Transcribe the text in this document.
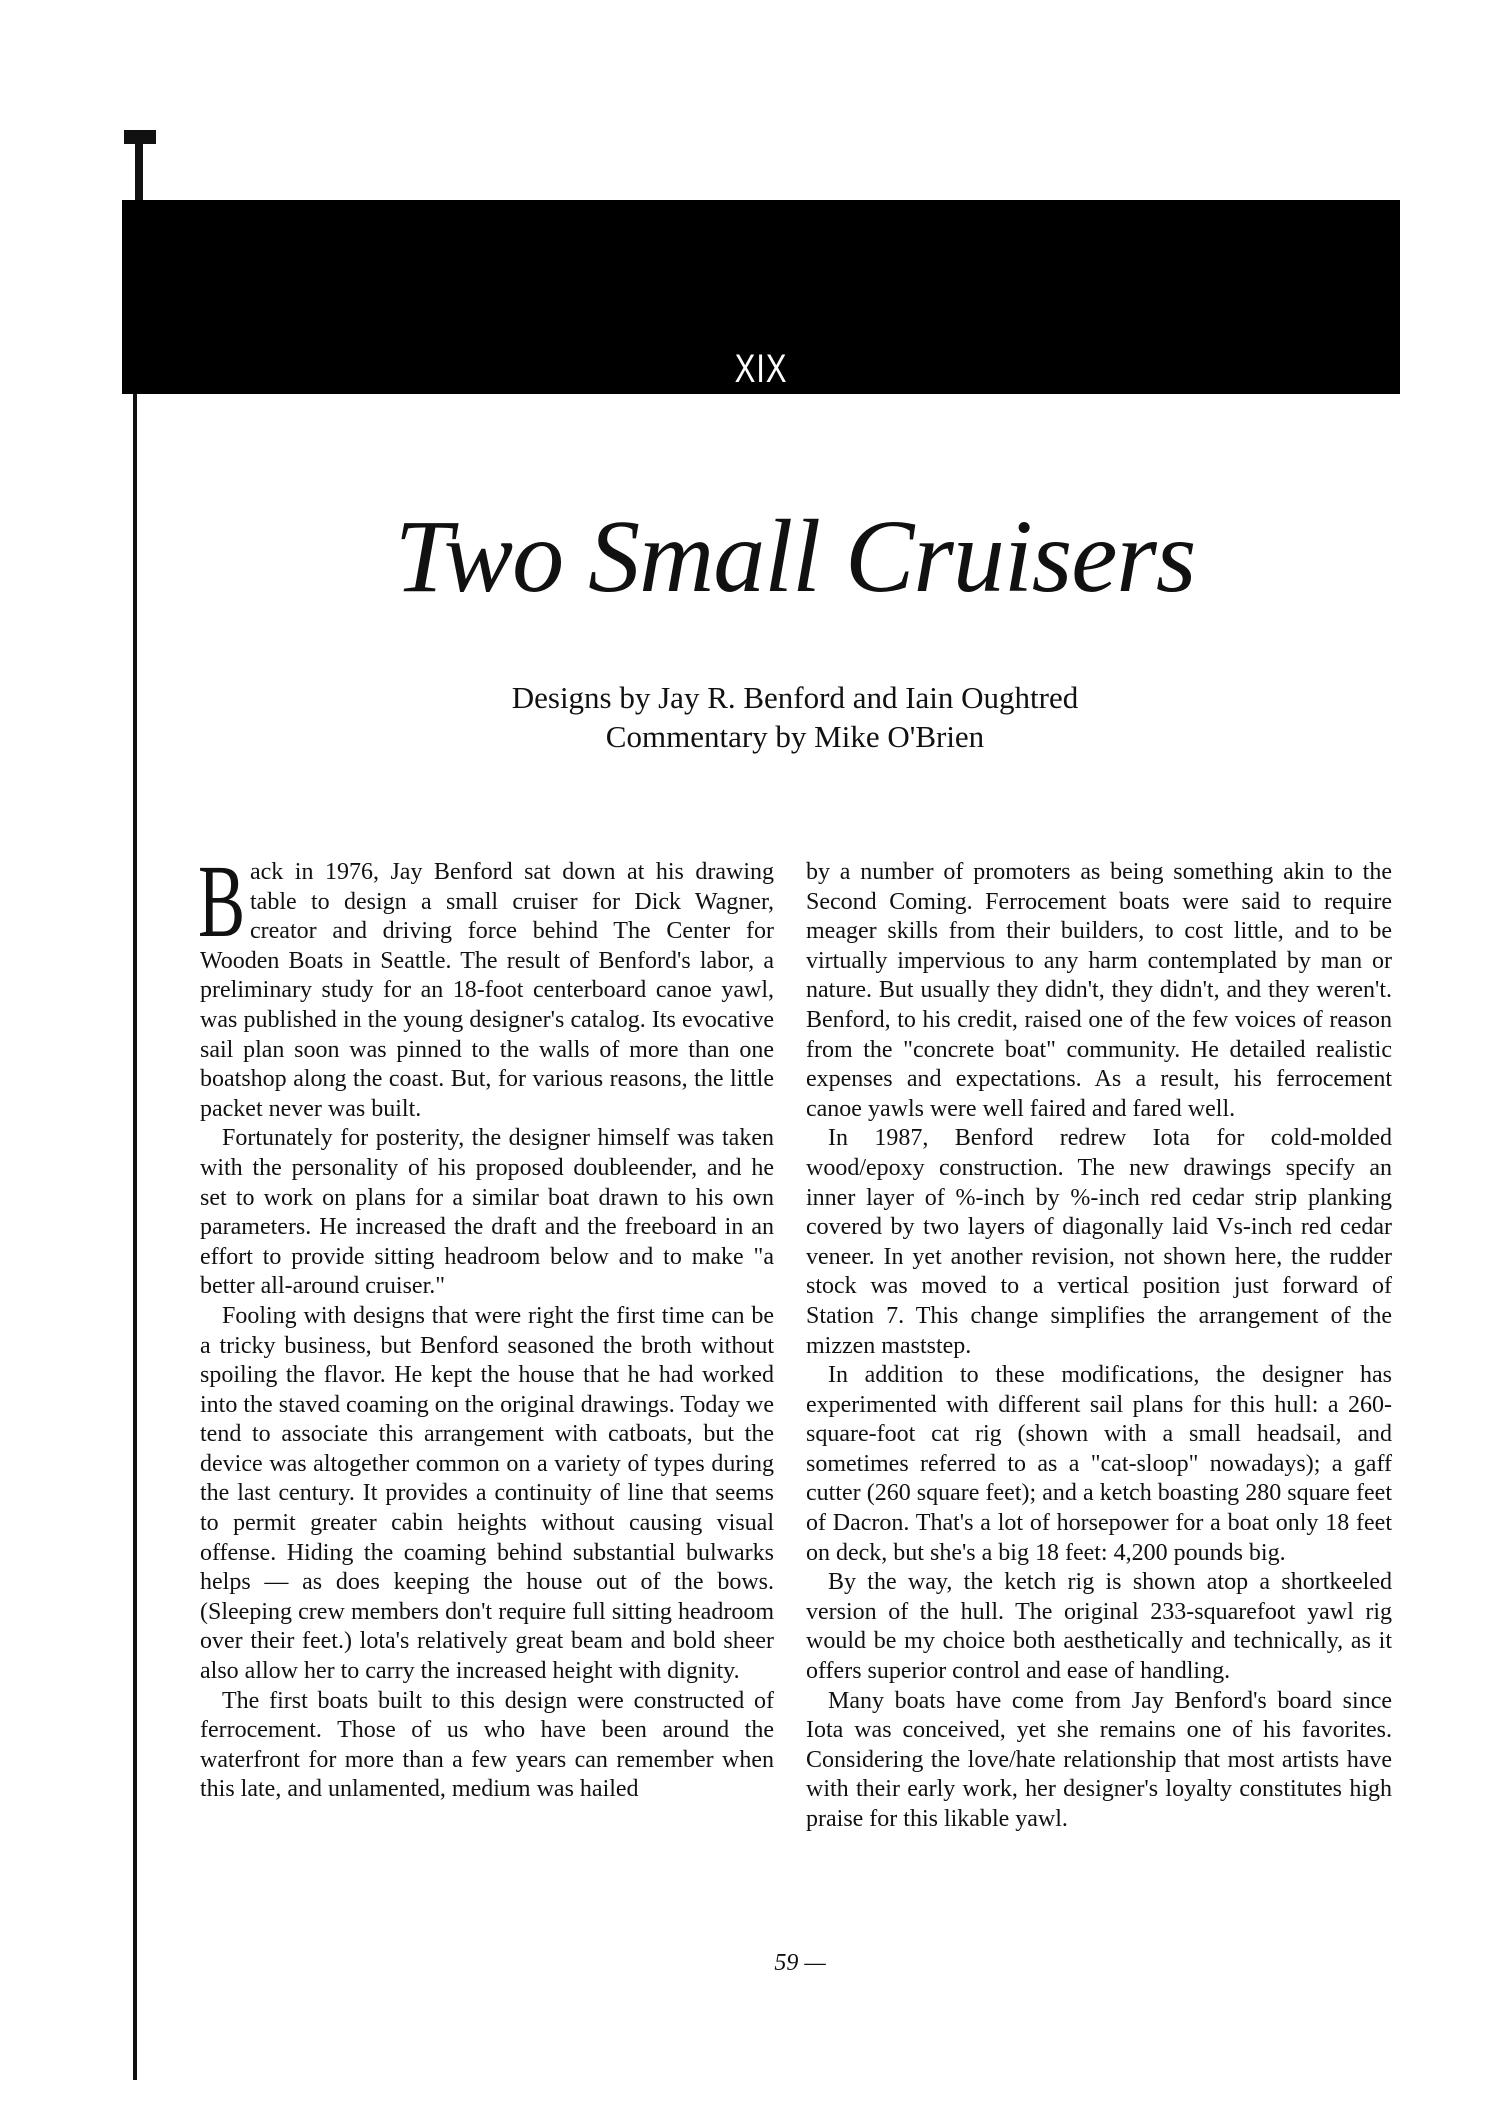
XIX
Two Small Cruisers
Designs by Jay R. Benford and Iain Oughtred
Commentary by Mike O'Brien

Back in 1976, Jay Benford sat down at his drawing table to design a small cruiser for Dick Wagner, creator and driving force behind The Center for Wooden Boats in Seattle. The result of Benford's labor, a preliminary study for an 18-foot centerboard canoe yawl, was published in the young designer's catalog. Its evocative sail plan soon was pinned to the walls of more than one boatshop along the coast. But, for various reasons, the little packet never was built.

Fortunately for posterity, the designer himself was taken with the personality of his proposed doubleender, and he set to work on plans for a similar boat drawn to his own parameters. He increased the draft and the freeboard in an effort to provide sitting headroom below and to make "a better all-around cruiser."

Fooling with designs that were right the first time can be a tricky business, but Benford seasoned the broth without spoiling the flavor. He kept the house that he had worked into the staved coaming on the original drawings. Today we tend to associate this arrangement with catboats, but the device was altogether common on a variety of types during the last century. It provides a continuity of line that seems to permit greater cabin heights without causing visual offense. Hiding the coaming behind substantial bulwarks helps — as does keeping the house out of the bows. (Sleeping crew members don't require full sitting headroom over their feet.) lota's relatively great beam and bold sheer also allow her to carry the increased height with dignity.

The first boats built to this design were constructed of ferrocement. Those of us who have been around the waterfront for more than a few years can remember when this late, and unlamented, medium was hailed

by a number of promoters as being something akin to the Second Coming. Ferrocement boats were said to require meager skills from their builders, to cost little, and to be virtually impervious to any harm contemplated by man or nature. But usually they didn't, they didn't, and they weren't. Benford, to his credit, raised one of the few voices of reason from the "concrete boat" community. He detailed realistic expenses and expectations. As a result, his ferrocement canoe yawls were well faired and fared well.

In 1987, Benford redrew Iota for cold-molded wood/epoxy construction. The new drawings specify an inner layer of %-inch by %-inch red cedar strip planking covered by two layers of diagonally laid Vs-inch red cedar veneer. In yet another revision, not shown here, the rudder stock was moved to a vertical position just forward of Station 7. This change simplifies the arrangement of the mizzen maststep.

In addition to these modifications, the designer has experimented with different sail plans for this hull: a 260-square-foot cat rig (shown with a small headsail, and sometimes referred to as a "cat-sloop" nowadays); a gaff cutter (260 square feet); and a ketch boasting 280 square feet of Dacron. That's a lot of horsepower for a boat only 18 feet on deck, but she's a big 18 feet: 4,200 pounds big.

By the way, the ketch rig is shown atop a shortkeeled version of the hull. The original 233-squarefoot yawl rig would be my choice both aesthetically and technically, as it offers superior control and ease of handling.

Many boats have come from Jay Benford's board since Iota was conceived, yet she remains one of his favorites. Considering the love/hate relationship that most artists have with their early work, her designer's loyalty constitutes high praise for this likable yawl.

59 —
